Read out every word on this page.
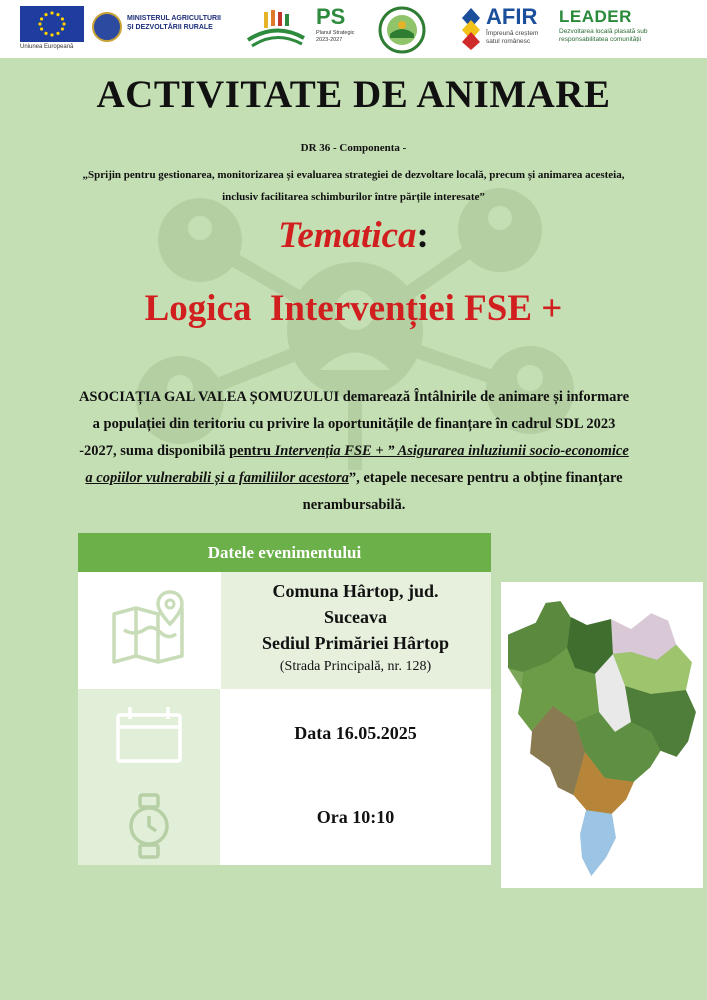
Uniunea Europeană
MINISTERUL AGRICULTURII
ȘI DEZVOLTĂRII RURALE	PS
Planul Strategic
2023-2027
AFIR
Împreună creștem
satul românesc
LEADER
Dezvoltarea locală plasată sub
responsabilitatea comunității
ACTIVITATE DE ANIMARE
DR 36 - Componenta -
„Sprijin pentru gestionarea, monitorizarea și evaluarea strategiei de dezvoltare locală, precum și animarea acesteia, inclusiv facilitarea schimburilor între părțile interesate”
Tematica:
Logica  Intervenției FSE +
ASOCIAȚIA GAL VALEA ȘOMUZULUI demarează Întâlnirile de animare și informare a populației din teritoriu cu privire la oportunitățile de finanțare în cadrul SDL 2023 -2027, suma disponibilă pentru Intervenția FSE + ” Asigurarea inluziunii socio-economice a copiilor vulnerabili și a familiilor acestora”, etapele necesare pentru a obține finanțare nerambursabilă.
Datele evenimentului
Comuna Hârtop, jud.
Suceava
Sediul Primăriei Hârtop
(Strada Principală, nr. 128)
Data 16.05.2025
Ora 10:10
